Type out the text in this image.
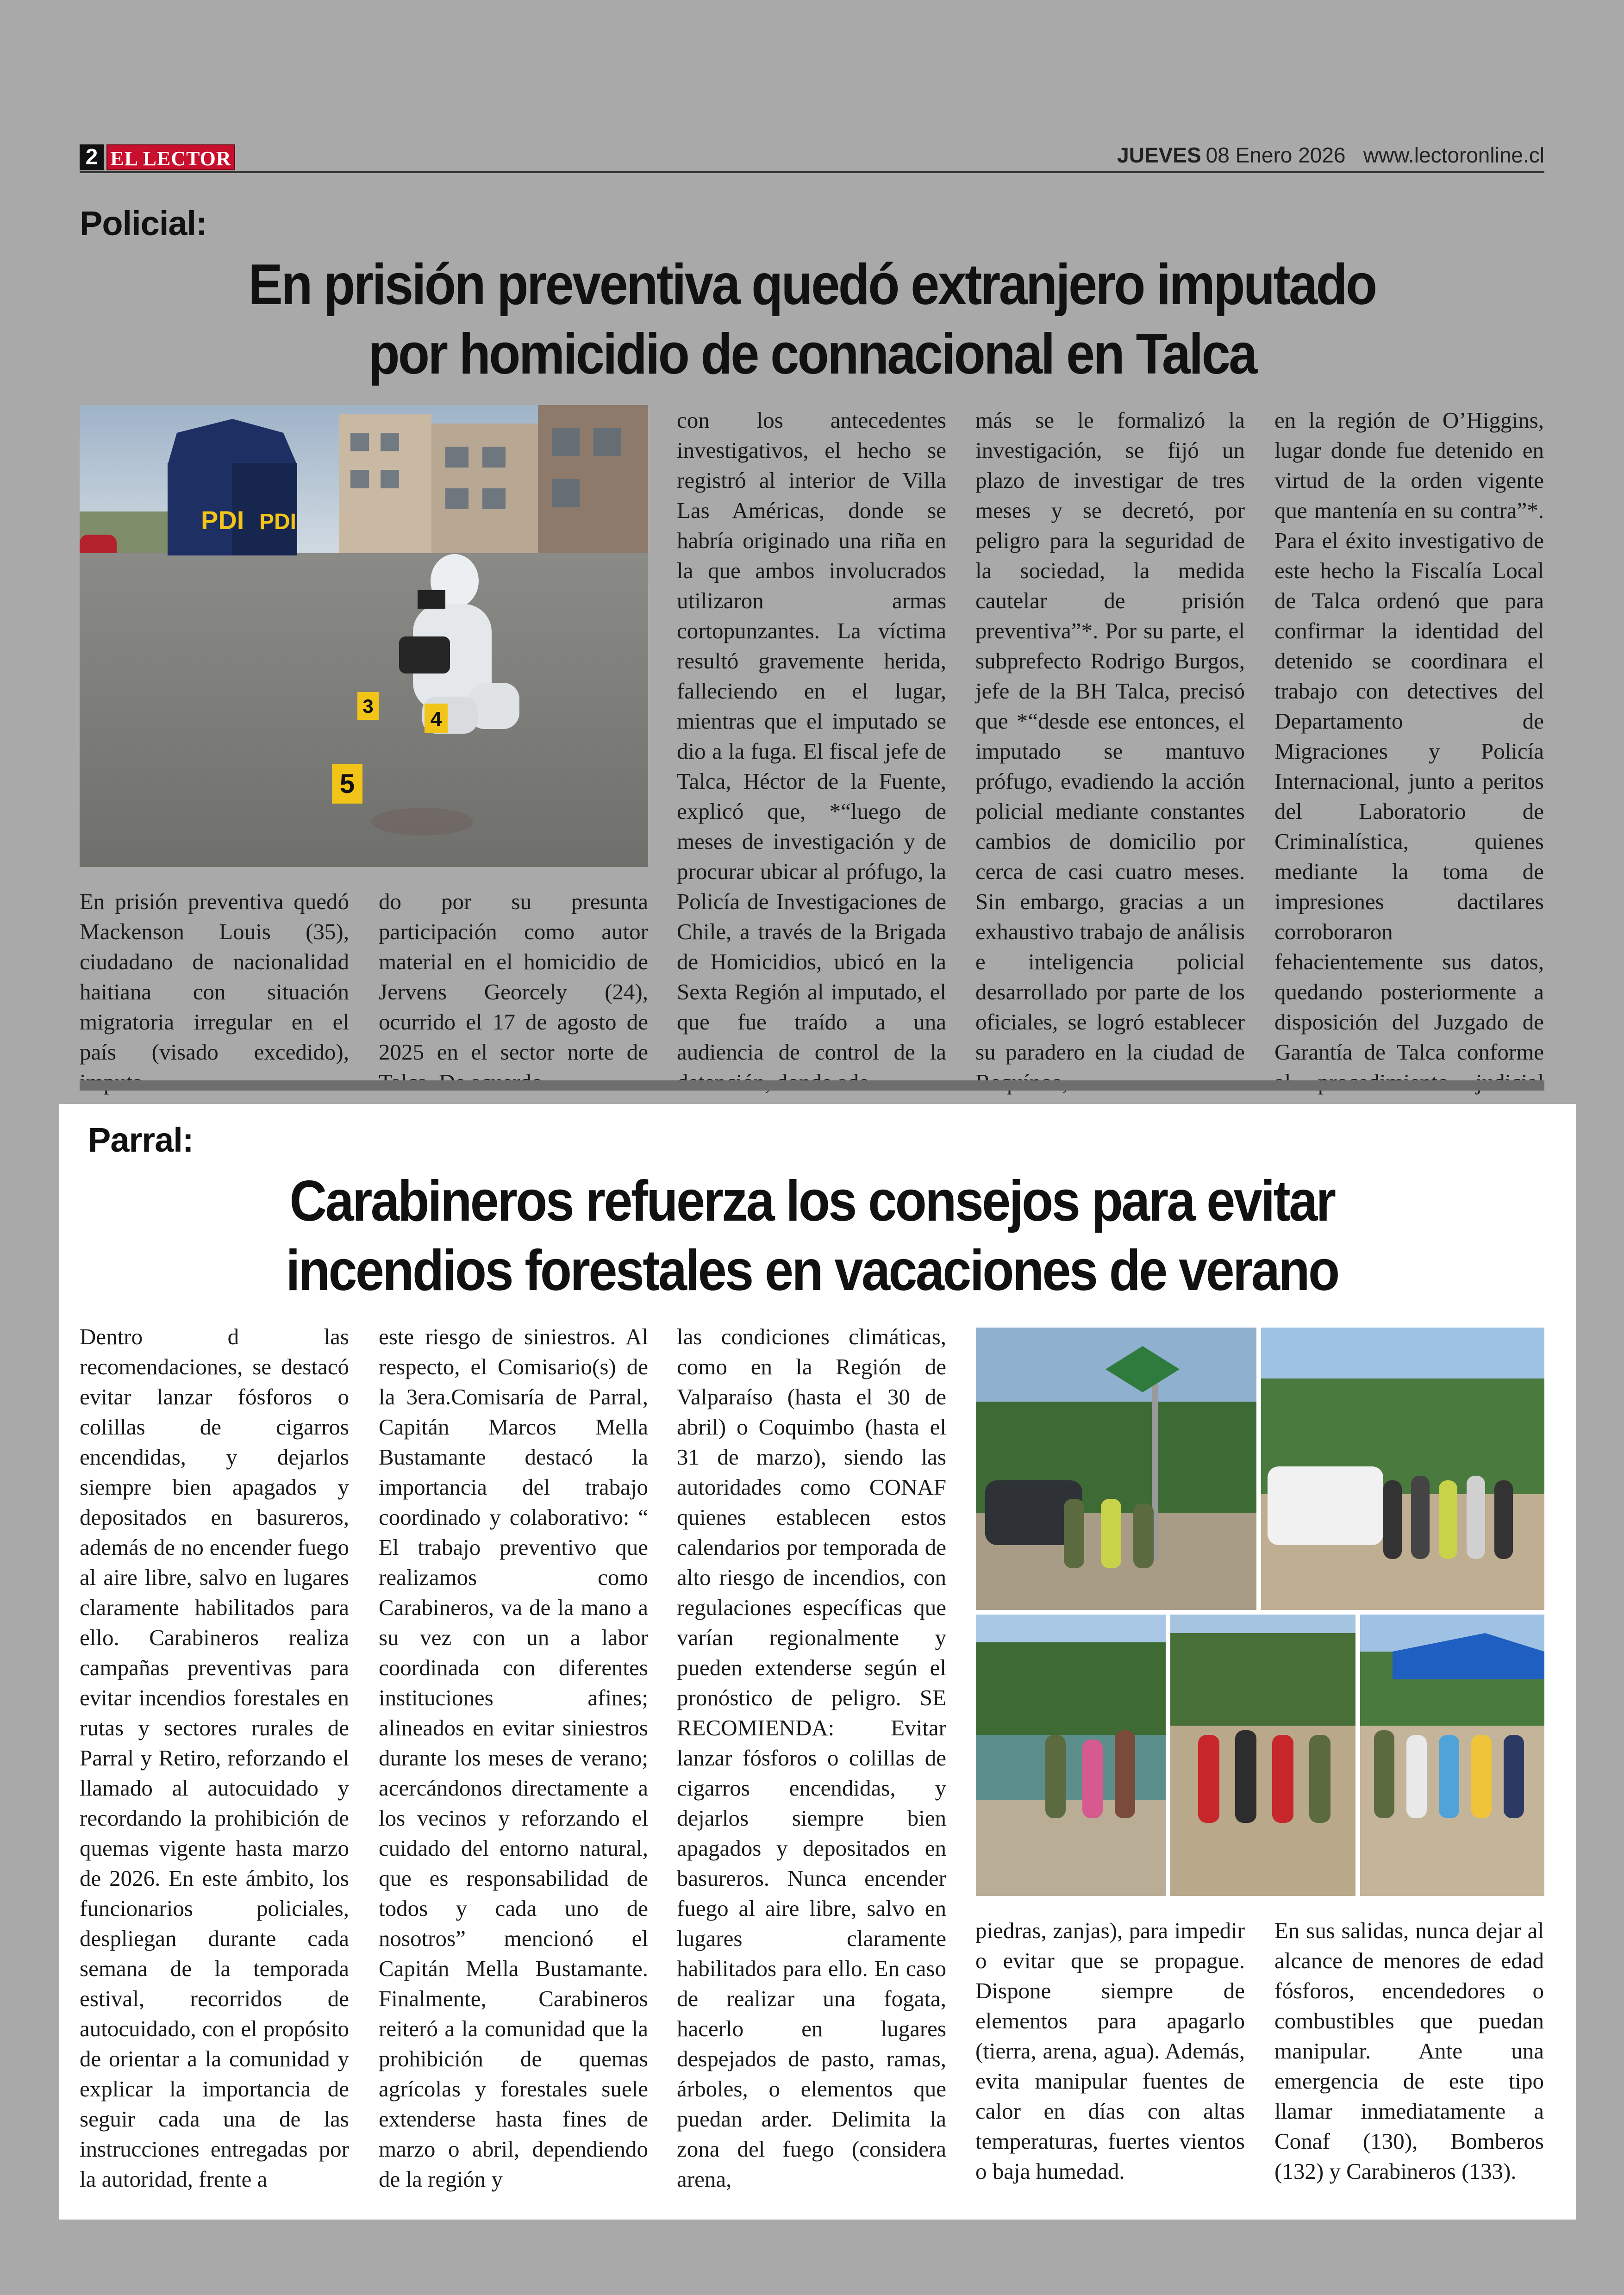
2 EL LECTOR	JUEVES 08 Enero 2026 www.lectoronline.cl
Policial:
En prisión preventiva quedó extranjero imputado
por homicidio de connacional en Talca
PDI PDI
3
4
5
En prisión preventiva quedó Mackenson Louis (35), ciudadano de nacionalidad haitiana con situación migratoria irregular en el país (visado excedido),
do por su presunta participación como autor material en el homicidio de Jervens Georcely (24), ocurrido el 17 de agosto de 2025 en el sector norte de
con los antecedentes investigativos, el hecho se registró al interior de Villa Las Américas, donde se habría originado una riña en la que ambos involucrados utilizaron armas cortopunzantes. La víctima resultó gravemente herida, falleciendo en el lugar, mientras que el imputado se dio a la fuga. El fiscal jefe de Talca, Héctor de la Fuente, explicó que, *“luego de meses de investigación y de procurar ubicar al prófugo, la Policía de Investigaciones de Chile, a través de la Brigada de Homicidios, ubicó en la Sexta Región al imputado, el que fue traído a una audiencia de control de la
más se le formalizó la investigación, se fijó un plazo de investigar de tres meses y se decretó, por peligro para la seguridad de la sociedad, la medida cautelar de prisión preventiva”*. Por su parte, el subprefecto Rodrigo Burgos, jefe de la BH Talca, precisó que *“desde ese entonces, el imputado se mantuvo prófugo, evadiendo la acción policial mediante constantes cambios de domicilio por cerca de casi cuatro meses. Sin embargo, gracias a un exhaustivo trabajo de análisis e inteligencia policial desarrollado por parte de los oficiales, se logró establecer su paradero en la ciudad de
en la región de O’Higgins, lugar donde fue detenido en virtud de la orden vigente que mantenía en su contra”*. Para el éxito investigativo de este hecho la Fiscalía Local de Talca ordenó que para confirmar la identidad del detenido se coordinara el trabajo con detectives del Departamento de Migraciones y Policía Internacional, junto a peritos del Laboratorio de Criminalística, quienes mediante la toma de impresiones dactilares corroboraron fehacientemente sus datos, quedando posteriormente a disposición del Juzgado de Garantía de Talca conforme
Parral:
Carabineros refuerza los consejos para evitar
incendios forestales en vacaciones de verano
Dentro d las recomendaciones, se destacó evitar lanzar fósforos o colillas de cigarros encendidas, y dejarlos siempre bien apagados y depositados en basureros, además de no encender fuego al aire libre, salvo en lugares claramente habilitados para ello. Carabineros realiza campañas preventivas para evitar incendios forestales en rutas y sectores rurales de Parral y Retiro, reforzando el llamado al autocuidado y recordando la prohibición de quemas vigente hasta marzo de 2026. En este ámbito, los funcionarios policiales, despliegan durante cada semana de la temporada estival, recorridos de autocuidado, con el propósito de orientar a la comunidad y explicar la importancia de seguir cada una de las instrucciones entregadas por la autoridad, frente a
este riesgo de siniestros. Al respecto, el Comisario(s) de la 3era.Comisaría de Parral, Capitán Marcos Mella Bustamante destacó la importancia del trabajo coordinado y colaborativo: “ El trabajo preventivo que realizamos como Carabineros, va de la mano a su vez con un a labor coordinada con diferentes instituciones afines; alineados en evitar siniestros durante los meses de verano; acercándonos directamente a los vecinos y reforzando el cuidado del entorno natural, que es responsabilidad de todos y cada uno de nosotros” mencionó el Capitán Mella Bustamante. Finalmente, Carabineros reiteró a la comunidad que la prohibición de quemas agrícolas y forestales suele extenderse hasta fines de marzo o abril, dependiendo de la región y
las condiciones climáticas, como en la Región de Valparaíso (hasta el 30 de abril) o Coquimbo (hasta el 31 de marzo), siendo las autoridades como CONAF quienes establecen estos calendarios por temporada de alto riesgo de incendios, con regulaciones específicas que varían regionalmente y pueden extenderse según el pronóstico de peligro. SE RECOMIENDA: Evitar lanzar fósforos o colillas de cigarros encendidas, y dejarlos siempre bien apagados y depositados en basureros. Nunca encender fuego al aire libre, salvo en lugares claramente habilitados para ello. En caso de realizar una fogata, hacerlo en lugares despejados de pasto, ramas, árboles, o elementos que puedan arder. Delimita la zona del fuego (considera arena,
piedras, zanjas), para impedir o evitar que se propague. Dispone siempre de elementos para apagarlo (tierra, arena, agua). Además, evita manipular fuentes de calor en días con altas temperaturas, fuertes vientos o baja humedad.
En sus salidas, nunca dejar al alcance de menores de edad fósforos, encendedores o combustibles que puedan manipular. Ante una emergencia de este tipo llamar inmediatamente a Conaf (130), Bomberos (132) y Carabineros (133).
